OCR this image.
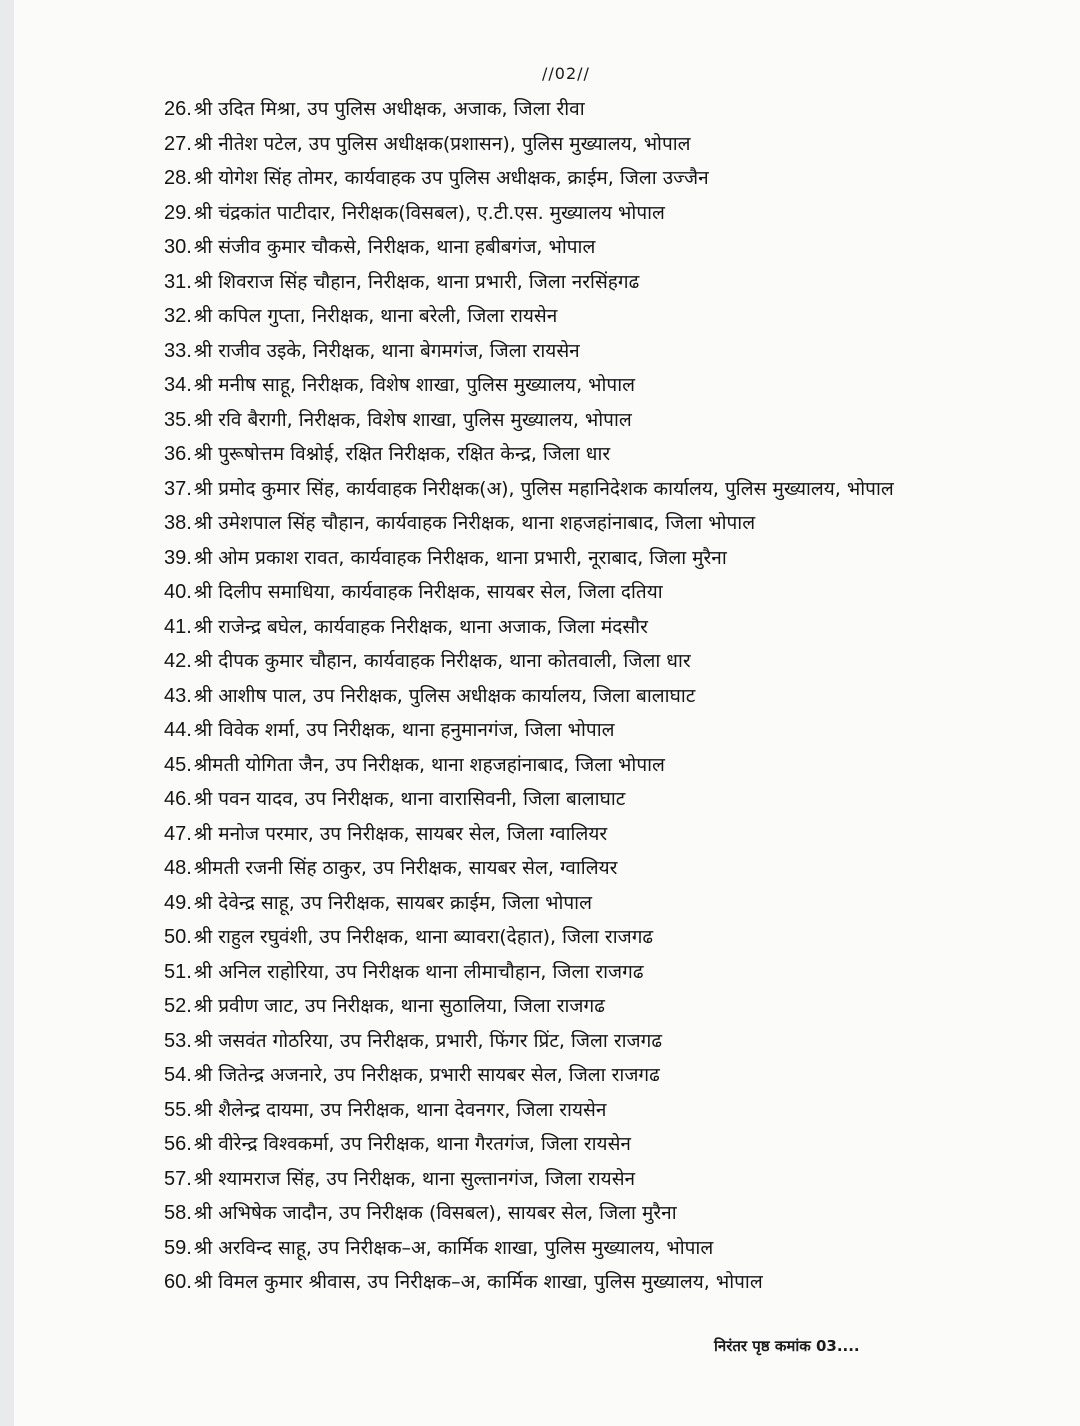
//02//
26. श्री उदित मिश्रा, उप पुलिस अधीक्षक, अजाक, जिला रीवा
27. श्री नीतेश पटेल, उप पुलिस अधीक्षक(प्रशासन), पुलिस मुख्यालय, भोपाल
28. श्री योगेश सिंह तोमर, कार्यवाहक उप पुलिस अधीक्षक, क्राईम, जिला उज्जैन
29. श्री चंद्रकांत पाटीदार, निरीक्षक(विसबल), ए.टी.एस. मुख्यालय भोपाल
30. श्री संजीव कुमार चौकसे, निरीक्षक, थाना हबीबगंज, भोपाल
31. श्री शिवराज सिंह चौहान, निरीक्षक, थाना प्रभारी, जिला नरसिंहगढ
32. श्री कपिल गुप्ता, निरीक्षक, थाना बरेली, जिला रायसेन
33. श्री राजीव उइके, निरीक्षक, थाना बेगमगंज, जिला रायसेन
34. श्री मनीष साहू, निरीक्षक, विशेष शाखा, पुलिस मुख्यालय, भोपाल
35. श्री रवि बैरागी, निरीक्षक, विशेष शाखा, पुलिस मुख्यालय, भोपाल
36. श्री पुरूषोत्तम विश्नोई, रक्षित निरीक्षक, रक्षित केन्द्र, जिला धार
37. श्री प्रमोद कुमार सिंह, कार्यवाहक निरीक्षक(अ), पुलिस महानिदेशक कार्यालय, पुलिस मुख्यालय, भोपाल
38. श्री उमेशपाल सिंह चौहान, कार्यवाहक निरीक्षक, थाना शहजहांनाबाद, जिला भोपाल
39. श्री ओम प्रकाश रावत, कार्यवाहक निरीक्षक, थाना प्रभारी, नूराबाद, जिला मुरैना
40. श्री दिलीप समाधिया, कार्यवाहक निरीक्षक, सायबर सेल, जिला दतिया
41. श्री राजेन्द्र बघेल, कार्यवाहक निरीक्षक, थाना अजाक, जिला मंदसौर
42. श्री दीपक कुमार चौहान, कार्यवाहक निरीक्षक, थाना कोतवाली, जिला धार
43. श्री आशीष पाल, उप निरीक्षक, पुलिस अधीक्षक कार्यालय, जिला बालाघाट
44. श्री विवेक शर्मा, उप निरीक्षक, थाना हनुमानगंज, जिला भोपाल
45. श्रीमती योगिता जैन, उप निरीक्षक, थाना शहजहांनाबाद, जिला भोपाल
46. श्री पवन यादव, उप निरीक्षक, थाना वारासिवनी, जिला बालाघाट
47. श्री मनोज परमार, उप निरीक्षक, सायबर सेल, जिला ग्वालियर
48. श्रीमती रजनी सिंह ठाकुर, उप निरीक्षक, सायबर सेल, ग्वालियर
49. श्री देवेन्द्र साहू, उप निरीक्षक, सायबर क्राईम, जिला भोपाल
50. श्री राहुल रघुवंशी, उप निरीक्षक, थाना ब्यावरा(देहात), जिला राजगढ
51. श्री अनिल राहोरिया, उप निरीक्षक थाना लीमाचौहान, जिला राजगढ
52. श्री प्रवीण जाट, उप निरीक्षक, थाना सुठालिया, जिला राजगढ
53. श्री जसवंत गोठरिया, उप निरीक्षक, प्रभारी, फिंगर प्रिंट, जिला राजगढ
54. श्री जितेन्द्र अजनारे, उप निरीक्षक, प्रभारी सायबर सेल, जिला राजगढ
55. श्री शैलेन्द्र दायमा, उप निरीक्षक, थाना देवनगर, जिला रायसेन
56. श्री वीरेन्द्र विश्वकर्मा, उप निरीक्षक, थाना गैरतगंज, जिला रायसेन
57. श्री श्यामराज सिंह, उप निरीक्षक, थाना सुल्तानगंज, जिला रायसेन
58. श्री अभिषेक जादौन, उप निरीक्षक (विसबल), सायबर सेल, जिला मुरैना
59. श्री अरविन्द साहू, उप निरीक्षक–अ, कार्मिक शाखा, पुलिस मुख्यालय, भोपाल
60. श्री विमल कुमार श्रीवास, उप निरीक्षक–अ, कार्मिक शाखा, पुलिस मुख्यालय, भोपाल
निरंतर पृष्ठ कमांक 03....
